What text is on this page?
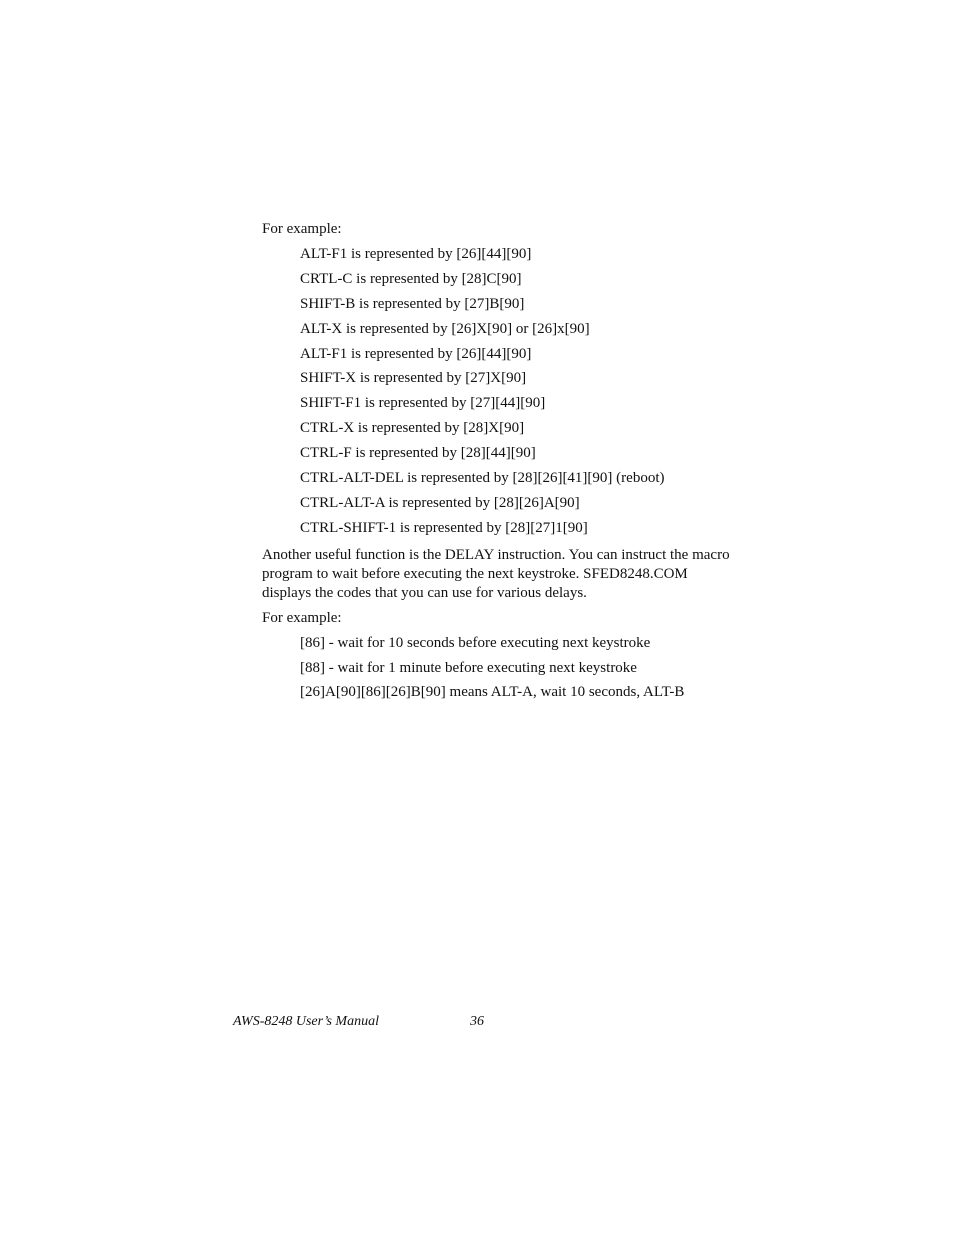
For example:

ALT-F1 is represented by [26][44][90]
CRTL-C is represented by [28]C[90]
SHIFT-B is represented by [27]B[90]
ALT-X is represented by [26]X[90] or [26]x[90]
ALT-F1 is represented by [26][44][90]
SHIFT-X is represented by [27]X[90]
SHIFT-F1 is represented by [27][44][90]
CTRL-X is represented by [28]X[90]
CTRL-F is represented by [28][44][90]
CTRL-ALT-DEL is represented by [28][26][41][90] (reboot)
CTRL-ALT-A is represented by [28][26]A[90]
CTRL-SHIFT-1 is represented by [28][27]1[90]

Another useful function is the DELAY instruction. You can instruct the macro program to wait before executing the next keystroke. SFED8248.COM displays the codes that you can use for various delays.

For example:

[86] - wait for 10 seconds before executing next keystroke
[88] - wait for 1 minute before executing next keystroke
[26]A[90][86][26]B[90] means ALT-A, wait 10 seconds, ALT-B
AWS-8248 User’s Manual	36
